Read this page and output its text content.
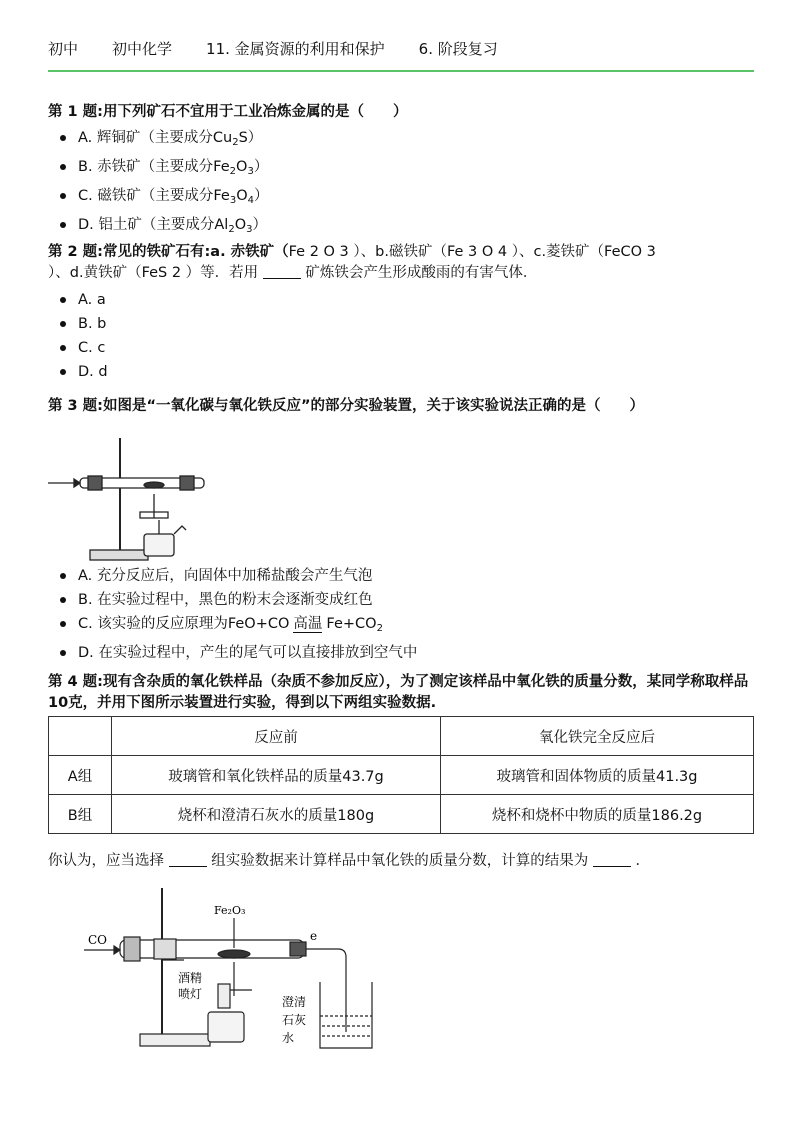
初中 初中化学 11. 金属资源的利用和保护 6. 阶段复习
第 1 题:用下列矿石不宜用于工业冶炼金属的是（　　）
A. 辉铜矿（主要成分$Cu_2S$）
B. 赤铁矿（主要成分$Fe_2O_3$）
C. 磁铁矿（主要成分$Fe_3O_4$）
D. 铝土矿（主要成分$Al_2O_3$）
第 2 题:常见的铁矿石有:a. 赤铁矿（Fe 2 O 3 ）、b.磁铁矿（Fe 3 O 4 ）、c.菱铁矿（FeCO 3
）、d.黄铁矿（FeS 2 ）等．若用	矿炼铁会产生形成酸雨的有害气体．
A. a
B. b
C. c
D. d
第 3 题:如图是“一氧化碳与氧化铁反应”的部分实验装置，关于该实验说法正确的是（　　）
A. 充分反应后，向固体中加稀盐酸会产生气泡
B. 在实验过程中，黑色的粉末会逐渐变成红色
C. 该实验的反应原理为FeO+CO 高温 $Fe+CO_2$
D. 在实验过程中，产生的尾气可以直接排放到空气中
第 4 题:现有含杂质的氧化铁样品（杂质不参加反应），为了测定该样品中氧化铁的质量分数，某同学称取样品10克，并用下图所示装置进行实验，得到以下两组实验数据.
	反应前	氧化铁完全反应后
A组	玻璃管和氧化铁样品的质量43.7g	玻璃管和固体物质的质量41.3g
B组	烧杯和澄清石灰水的质量180g	烧杯和烧杯中物质的质量186.2g
你认为，应当选择	组实验数据来计算样品中氧化铁的质量分数，计算的结果为	．
CO
Fe₂O₃
e
酒精
喷灯
澄清
石灰
水
